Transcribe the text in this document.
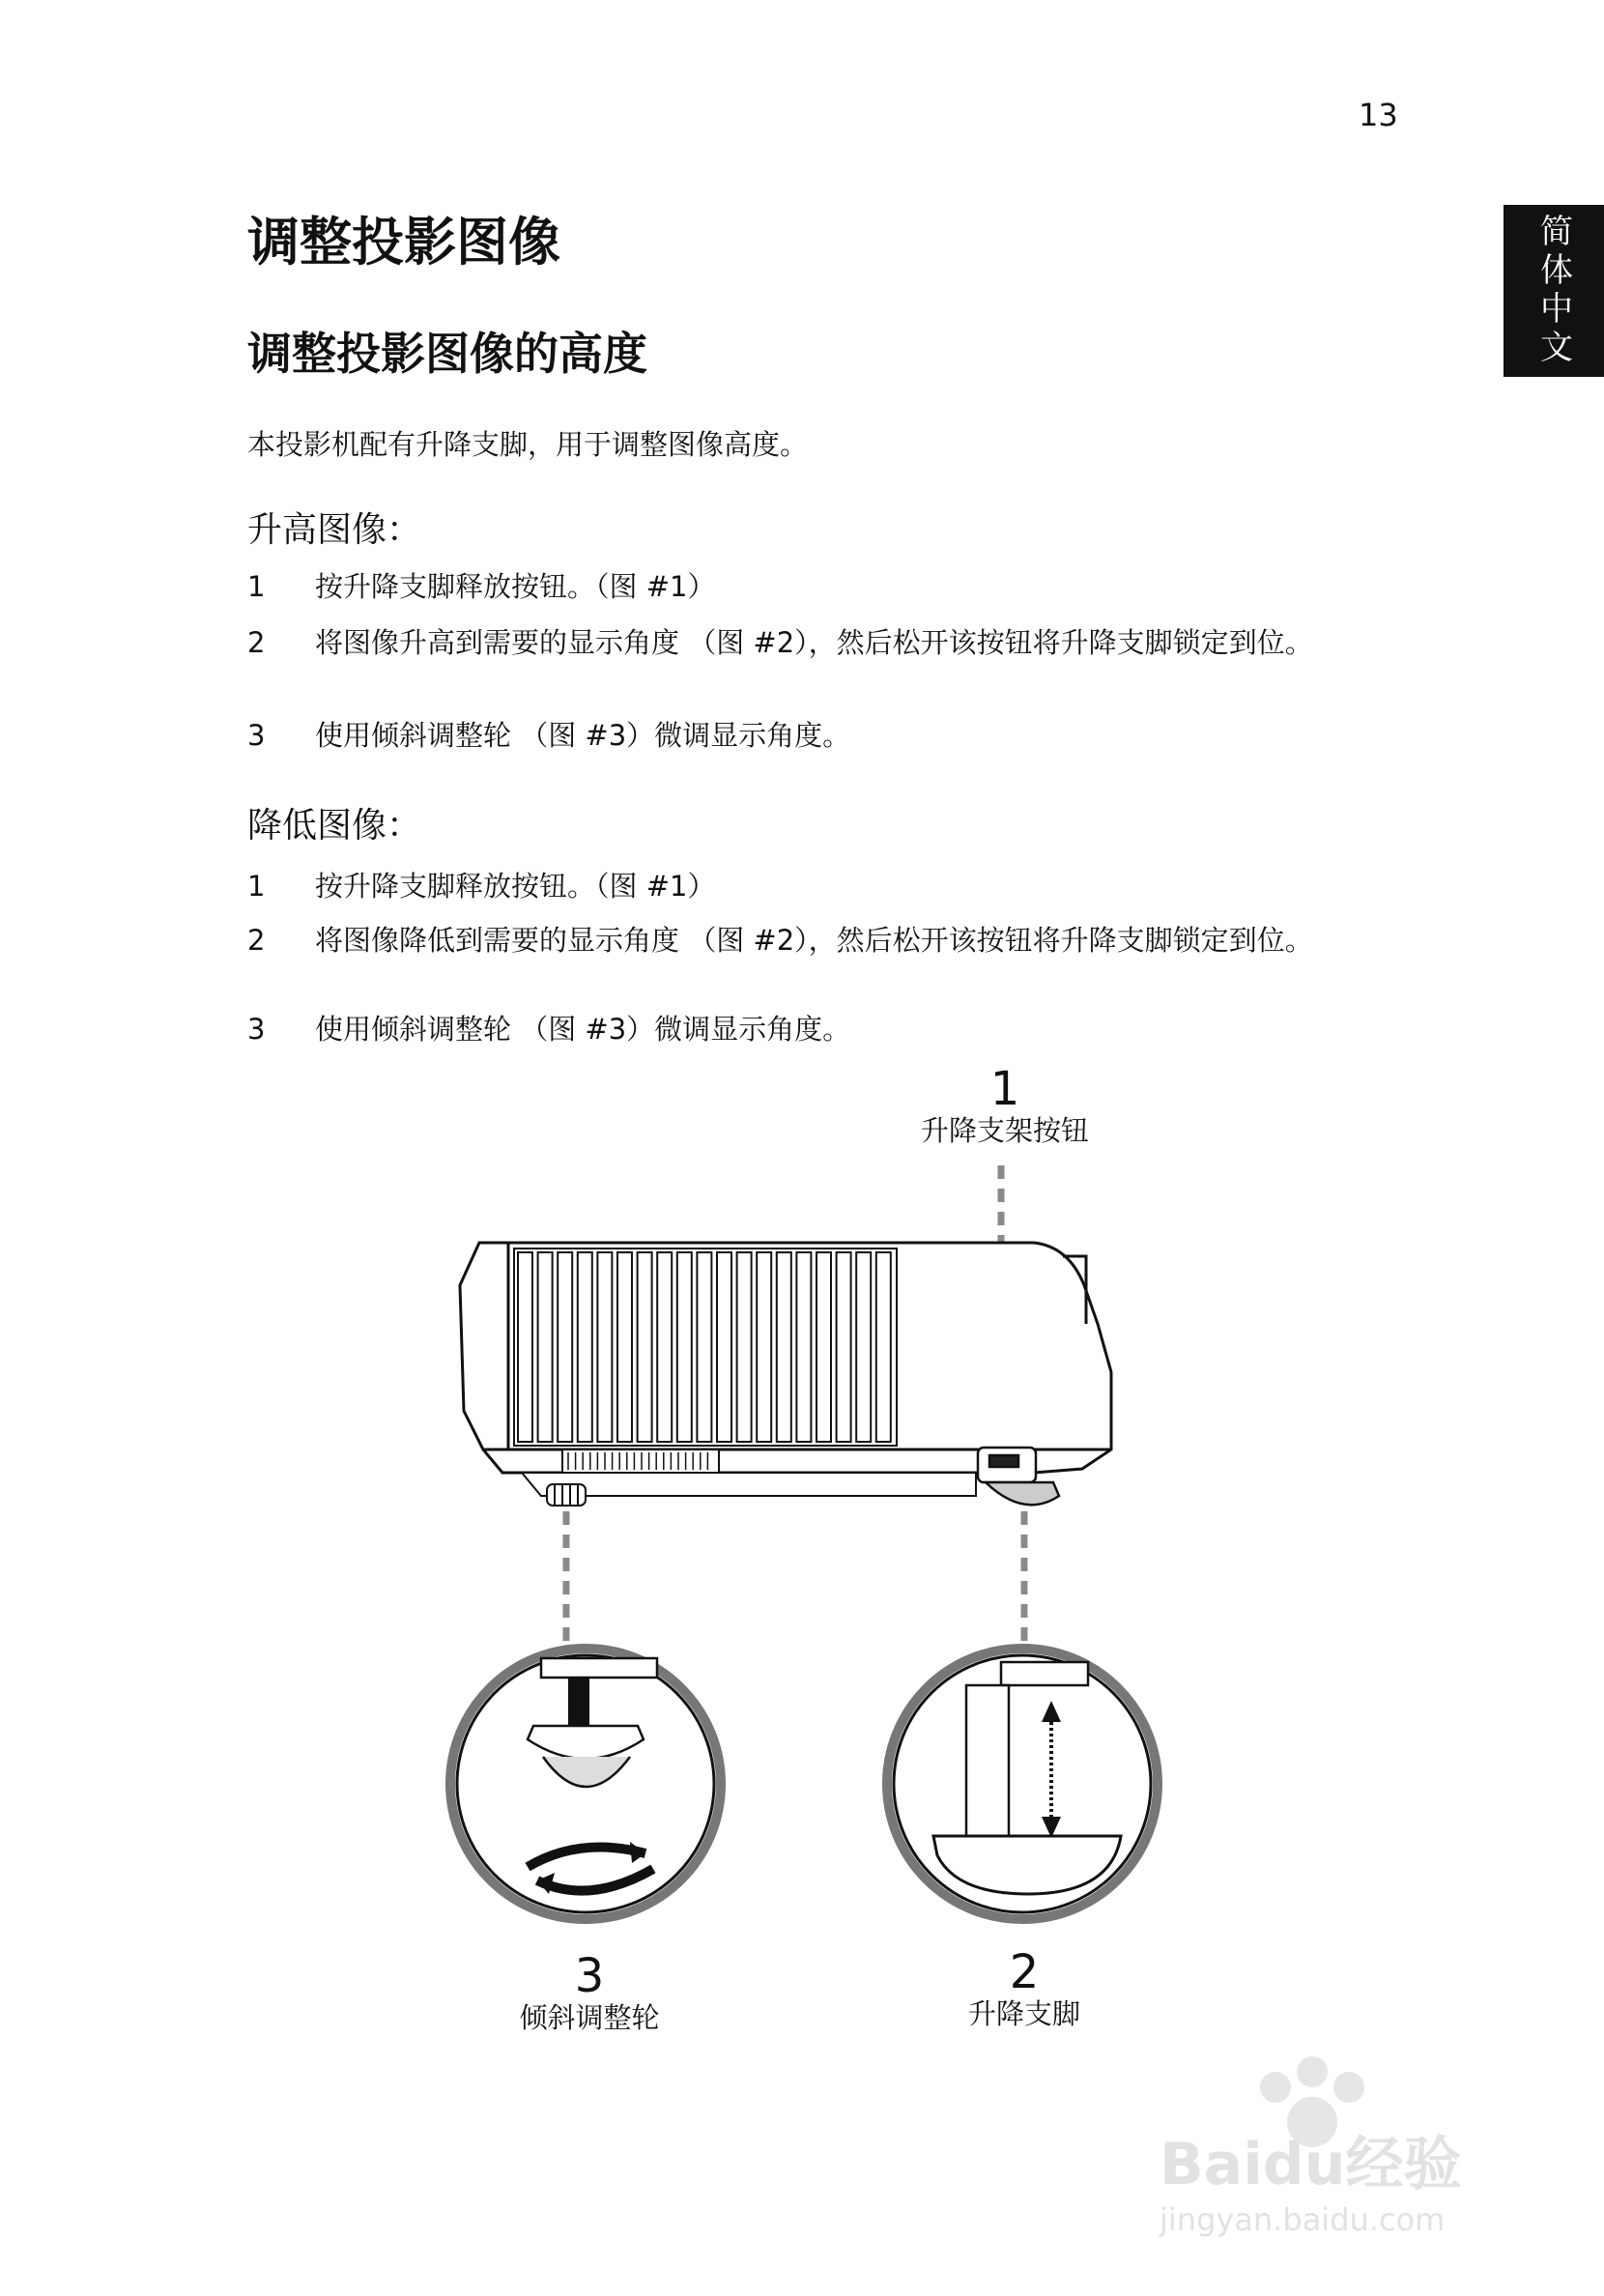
13
简体中文
调整投影图像
调整投影图像的高度
本投影机配有升降支脚，用于调整图像高度。
升高图像：
1	按升降支脚释放按钮。（图 #1）
2	将图像升高到需要的显示角度 （图 #2），然后松开该按钮将升降支脚锁定到位。
3	使用倾斜调整轮 （图 #3）微调显示角度。
降低图像：
1	按升降支脚释放按钮。（图 #1）
2	将图像降低到需要的显示角度 （图 #2），然后松开该按钮将升降支脚锁定到位。
3	使用倾斜调整轮 （图 #3）微调显示角度。
1
升降支架按钮
2
升降支脚
3
倾斜调整轮
Baidu经验
jingyan.baidu.com
